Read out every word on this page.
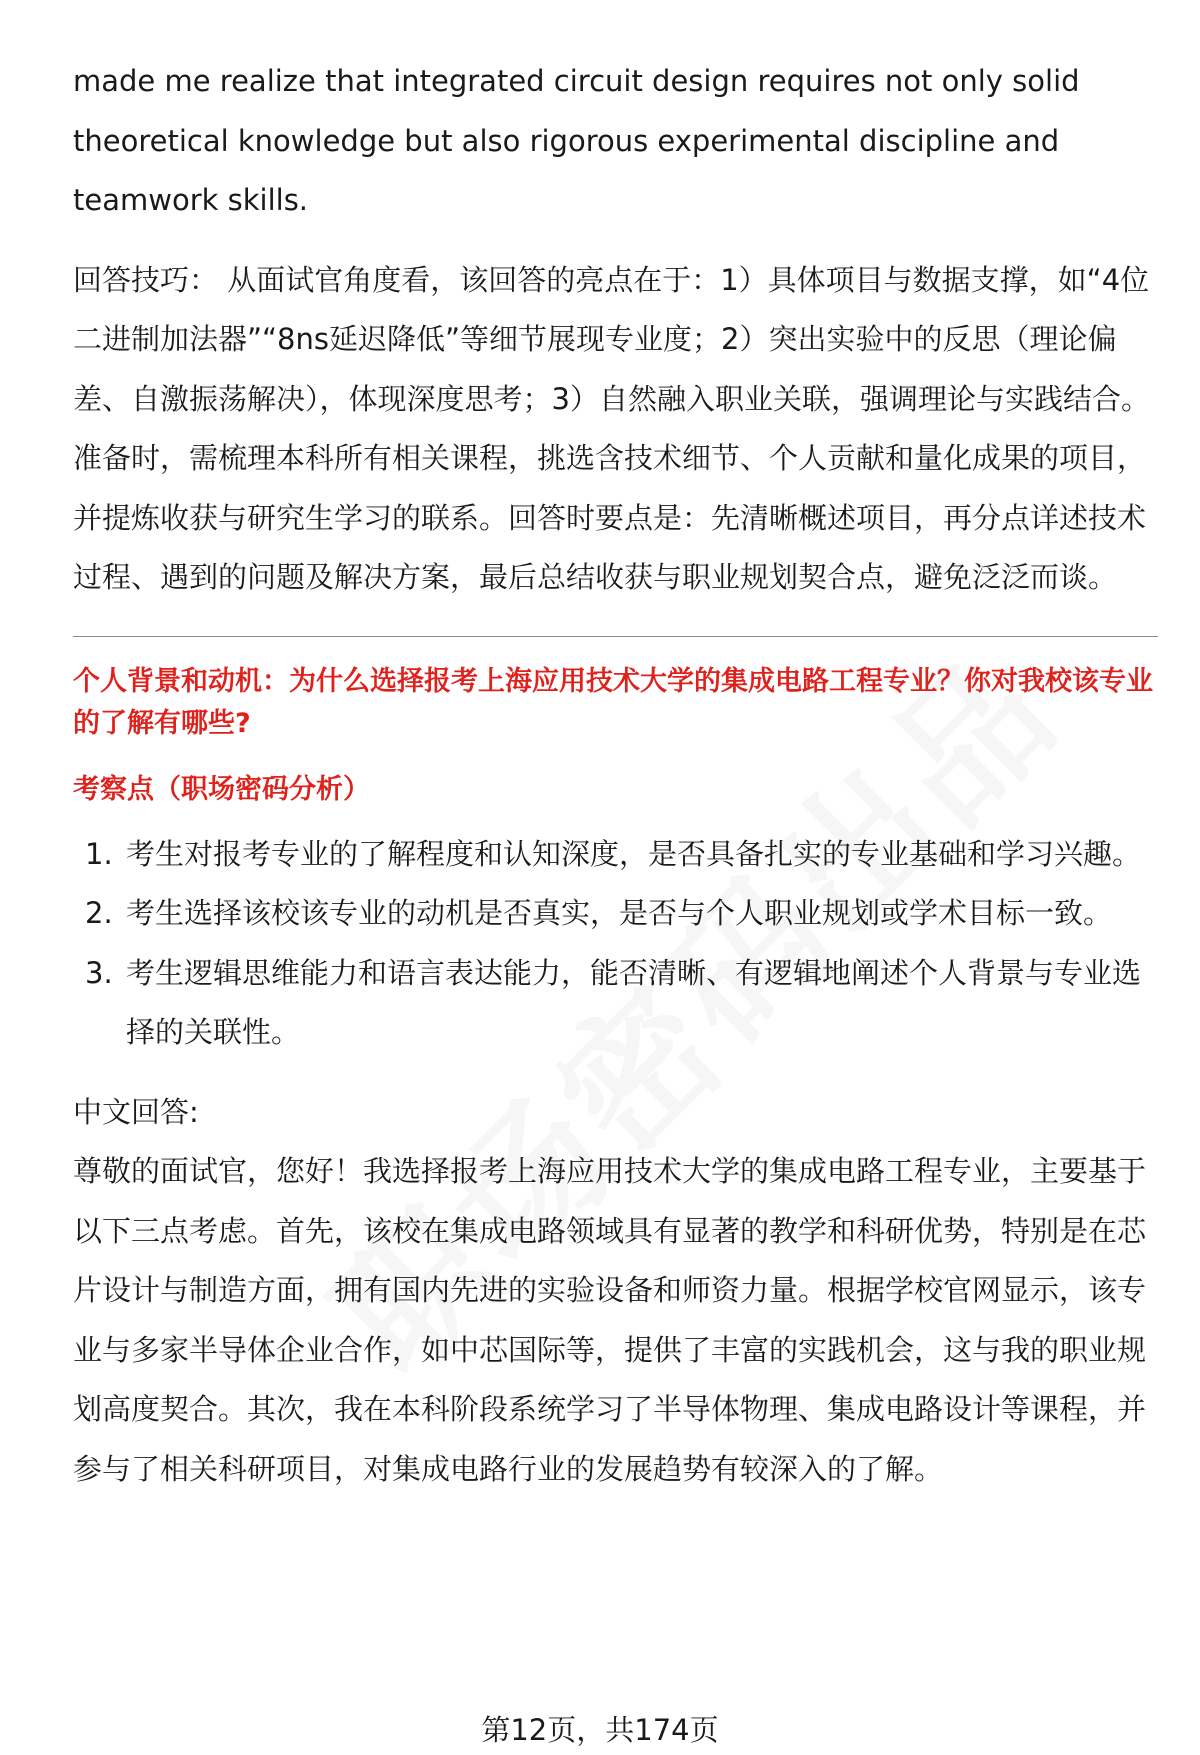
made me realize that integrated circuit design requires not only solid theoretical knowledge but also rigorous experimental discipline and teamwork skills.

回答技巧： 从面试官角度看，该回答的亮点在于：1）具体项目与数据支撑，如“4位二进制加法器”“8ns延迟降低”等细节展现专业度；2）突出实验中的反思（理论偏差、自激振荡解决），体现深度思考；3）自然融入职业关联，强调理论与实践结合。准备时，需梳理本科所有相关课程，挑选含技术细节、个人贡献和量化成果的项目，并提炼收获与研究生学习的联系。回答时要点是：先清晰概述项目，再分点详述技术过程、遇到的问题及解决方案，最后总结收获与职业规划契合点，避免泛泛而谈。

个人背景和动机：为什么选择报考上海应用技术大学的集成电路工程专业？你对我校该专业的了解有哪些?

考察点（职场密码分析）

1. 考生对报考专业的了解程度和认知深度，是否具备扎实的专业基础和学习兴趣。
2. 考生选择该校该专业的动机是否真实，是否与个人职业规划或学术目标一致。
3. 考生逻辑思维能力和语言表达能力，能否清晰、有逻辑地阐述个人背景与专业选择的关联性。

中文回答:

尊敬的面试官，您好！我选择报考上海应用技术大学的集成电路工程专业，主要基于以下三点考虑。首先，该校在集成电路领域具有显著的教学和科研优势，特别是在芯片设计与制造方面，拥有国内先进的实验设备和师资力量。根据学校官网显示，该专业与多家半导体企业合作，如中芯国际等，提供了丰富的实践机会，这与我的职业规划高度契合。其次，我在本科阶段系统学习了半导体物理、集成电路设计等课程，并参与了相关科研项目，对集成电路行业的发展趋势有较深入的了解。

第12页，共174页
